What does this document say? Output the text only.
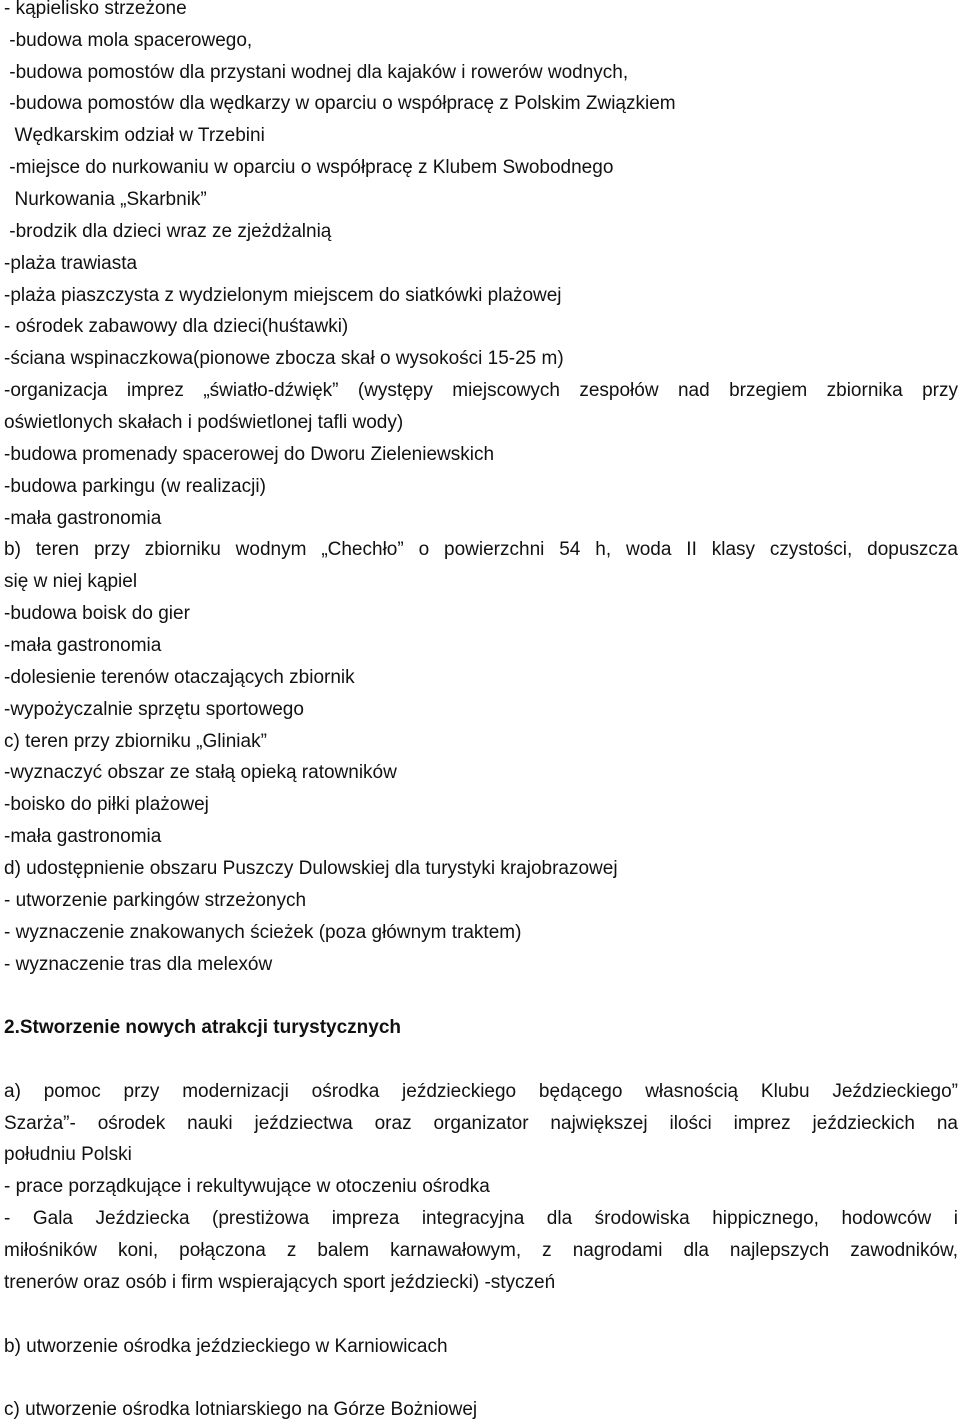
- kąpielisko strzeżone
-budowa mola spacerowego,
-budowa pomostów dla przystani wodnej dla kajaków i rowerów wodnych,
-budowa pomostów dla wędkarzy w oparciu o współpracę z Polskim Związkiem
Wędkarskim odział w Trzebini
-miejsce do nurkowaniu w oparciu o współpracę z Klubem Swobodnego
Nurkowania „Skarbnik”
-brodzik dla dzieci wraz ze zjeżdżalnią
-plaża trawiasta
-plaża piaszczysta z wydzielonym miejscem do siatkówki plażowej
- ośrodek zabawowy dla dzieci(huśtawki)
-ściana wspinaczkowa(pionowe zbocza skał o wysokości 15-25 m)
-organizacja imprez „światło-dźwięk” (występy miejscowych zespołów nad brzegiem zbiornika przy
oświetlonych skałach i podświetlonej tafli wody)
-budowa promenady spacerowej do Dworu Zieleniewskich
-budowa parkingu (w realizacji)
-mała gastronomia
b) teren przy zbiorniku wodnym „Chechło” o powierzchni 54 h, woda II klasy czystości, dopuszcza
się w niej kąpiel
-budowa boisk do gier
-mała gastronomia
-dolesienie terenów otaczających zbiornik
-wypożyczalnie sprzętu sportowego
c) teren przy zbiorniku „Gliniak”
-wyznaczyć obszar ze stałą opieką ratowników
-boisko do piłki plażowej
-mała gastronomia
d) udostępnienie obszaru Puszczy Dulowskiej dla turystyki krajobrazowej
- utworzenie parkingów strzeżonych
- wyznaczenie znakowanych ścieżek (poza głównym traktem)
- wyznaczenie tras dla melexów
2.Stworzenie nowych atrakcji turystycznych
a) pomoc przy modernizacji ośrodka jeździeckiego będącego własnością Klubu Jeździeckiego”
Szarża”- ośrodek nauki jeździectwa oraz organizator największej ilości imprez jeździeckich na
południu Polski
- prace porządkujące i rekultywujące w otoczeniu ośrodka
- Gala Jeździecka (prestiżowa impreza integracyjna dla środowiska hippicznego, hodowców i
miłośników koni, połączona z balem karnawałowym, z nagrodami dla najlepszych zawodników,
trenerów oraz osób i firm wspierających sport jeździecki) -styczeń
b) utworzenie ośrodka jeździeckiego w Karniowicach
c) utworzenie ośrodka lotniarskiego na Górze Bożniowej
